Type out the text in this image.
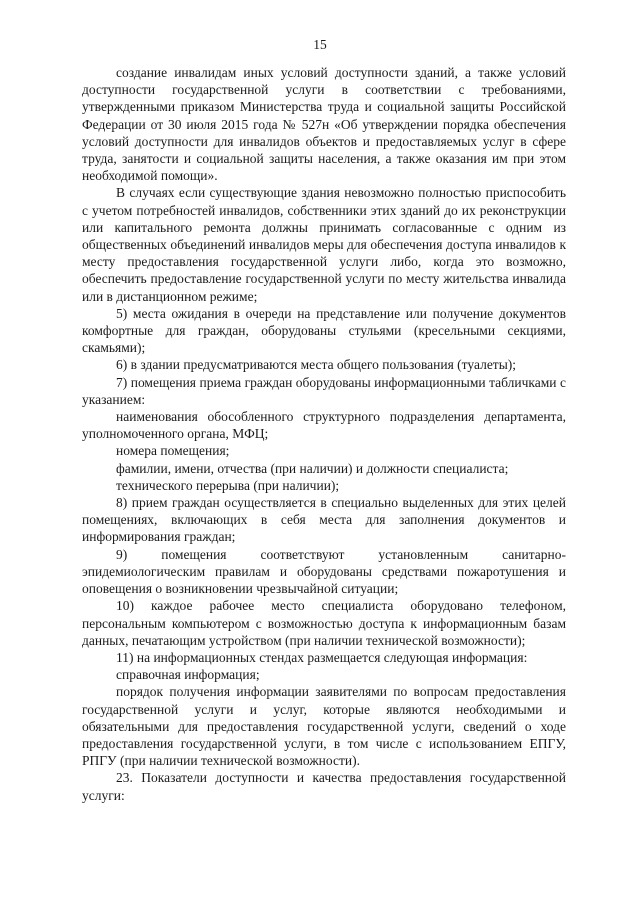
15

создание инвалидам иных условий доступности зданий, а также условий доступности государственной услуги в соответствии с требованиями, утвержденными приказом Министерства труда и социальной защиты Российской Федерации от 30 июля 2015 года № 527н «Об утверждении порядка обеспечения условий доступности для инвалидов объектов и предоставляемых услуг в сфере труда, занятости и социальной защиты населения, а также оказания им при этом необходимой помощи».

В случаях если существующие здания невозможно полностью приспособить с учетом потребностей инвалидов, собственники этих зданий до их реконструкции или капитального ремонта должны принимать согласованные с одним из общественных объединений инвалидов меры для обеспечения доступа инвалидов к месту предоставления государственной услуги либо, когда это возможно, обеспечить предоставление государственной услуги по месту жительства инвалида или в дистанционном режиме;

5) места ожидания в очереди на представление или получение документов комфортные для граждан, оборудованы стульями (кресельными секциями, скамьями);

6) в здании предусматриваются места общего пользования (туалеты);

7) помещения приема граждан оборудованы информационными табличками с указанием:

наименования обособленного структурного подразделения департамента, уполномоченного органа, МФЦ;

номера помещения;

фамилии, имени, отчества (при наличии) и должности специалиста;

технического перерыва (при наличии);

8) прием граждан осуществляется в специально выделенных для этих целей помещениях, включающих в себя места для заполнения документов и информирования граждан;

9) помещения соответствуют установленным санитарно-эпидемиологическим правилам и оборудованы средствами пожаротушения и оповещения о возникновении чрезвычайной ситуации;

10) каждое рабочее место специалиста оборудовано телефоном, персональным компьютером с возможностью доступа к информационным базам данных, печатающим устройством (при наличии технической возможности);

11) на информационных стендах размещается следующая информация:

справочная информация;

порядок получения информации заявителями по вопросам предоставления государственной услуги и услуг, которые являются необходимыми и обязательными для предоставления государственной услуги, сведений о ходе предоставления государственной услуги, в том числе с использованием ЕПГУ, РПГУ (при наличии технической возможности).

23. Показатели доступности и качества предоставления государственной услуги:
